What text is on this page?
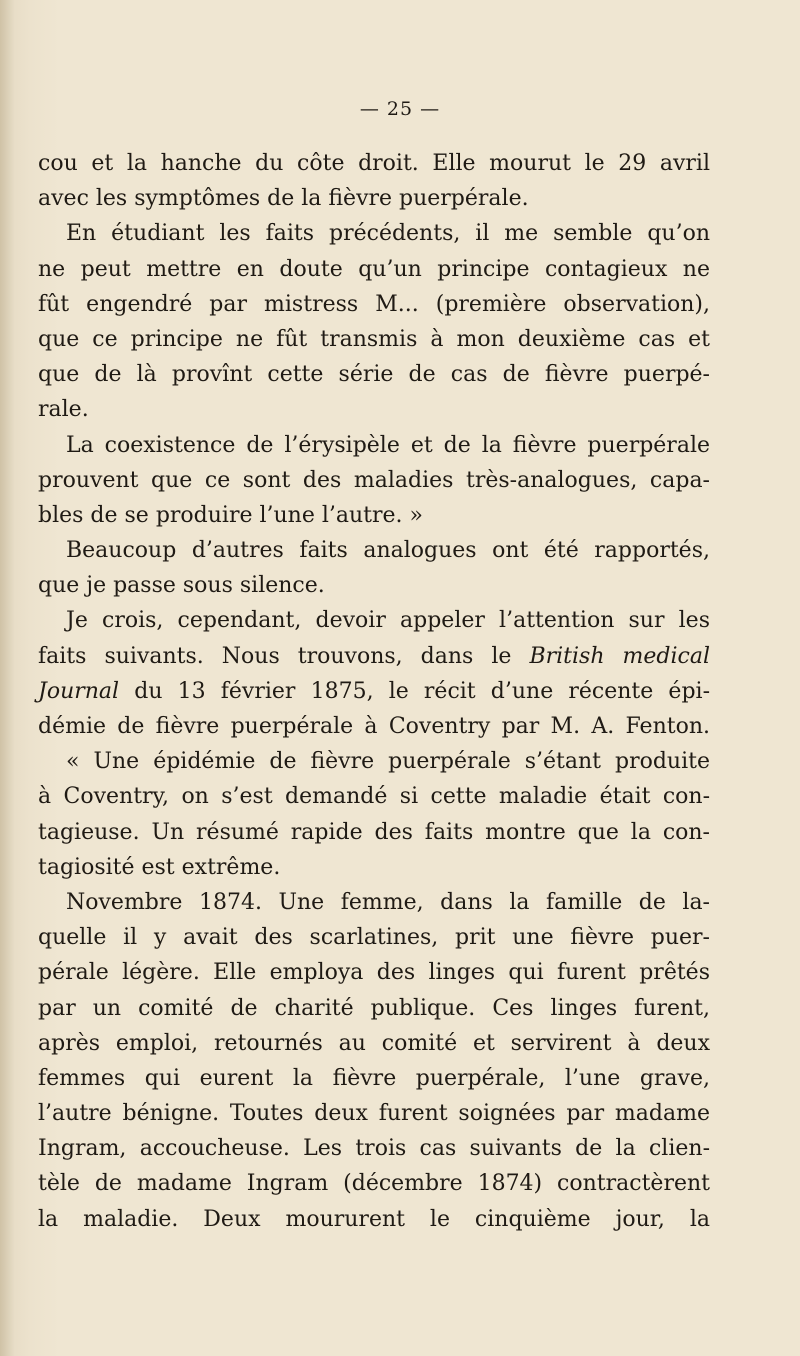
— 25 —
cou et la hanche du côte droit. Elle mourut le 29 avril
avec les symptômes de la fièvre puerpérale.
En étudiant les faits précédents, il me semble qu’on
ne peut mettre en doute qu’un principe contagieux ne
fût engendré par mistress M... (première observation),
que ce principe ne fût transmis à mon deuxième cas et
que de là provînt cette série de cas de fièvre puerpé-
rale.
La coexistence de l’érysipèle et de la fièvre puerpérale
prouvent que ce sont des maladies très-analogues, capa-
bles de se produire l’une l’autre. »
Beaucoup d’autres faits analogues ont été rapportés,
que je passe sous silence.
Je crois, cependant, devoir appeler l’attention sur les
faits suivants. Nous trouvons, dans le British medical
Journal du 13 février 1875, le récit d’une récente épi-
démie de fièvre puerpérale à Coventry par M. A. Fenton.
« Une épidémie de fièvre puerpérale s’étant produite
à Coventry, on s’est demandé si cette maladie était con-
tagieuse. Un résumé rapide des faits montre que la con-
tagiosité est extrême.
Novembre 1874. Une femme, dans la famille de la-
quelle il y avait des scarlatines, prit une fièvre puer-
pérale légère. Elle employa des linges qui furent prêtés
par un comité de charité publique. Ces linges furent,
après emploi, retournés au comité et servirent à deux
femmes qui eurent la fièvre puerpérale, l’une grave,
l’autre bénigne. Toutes deux furent soignées par madame
Ingram, accoucheuse. Les trois cas suivants de la clien-
tèle de madame Ingram (décembre 1874) contractèrent
la maladie. Deux moururent le cinquième jour, la
